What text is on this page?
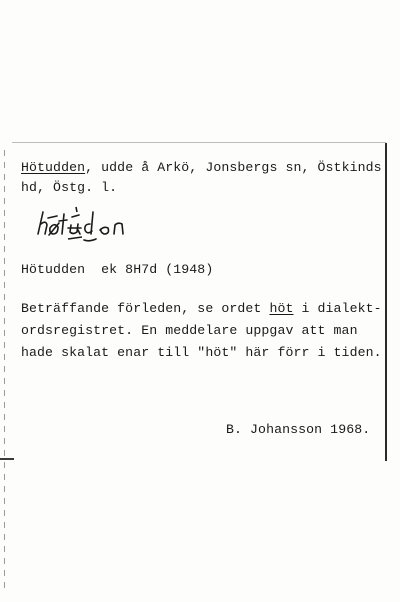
Hötudden, udde å Arkö, Jonsbergs sn, Östkinds
hd, Östg. l.
Hötudden  ek 8H7d (1948)
Beträffande förleden, se ordet höt i dialekt-
ordsregistret. En meddelare uppgav att man
hade skalat enar till "höt" här förr i tiden.
B. Johansson 1968.
